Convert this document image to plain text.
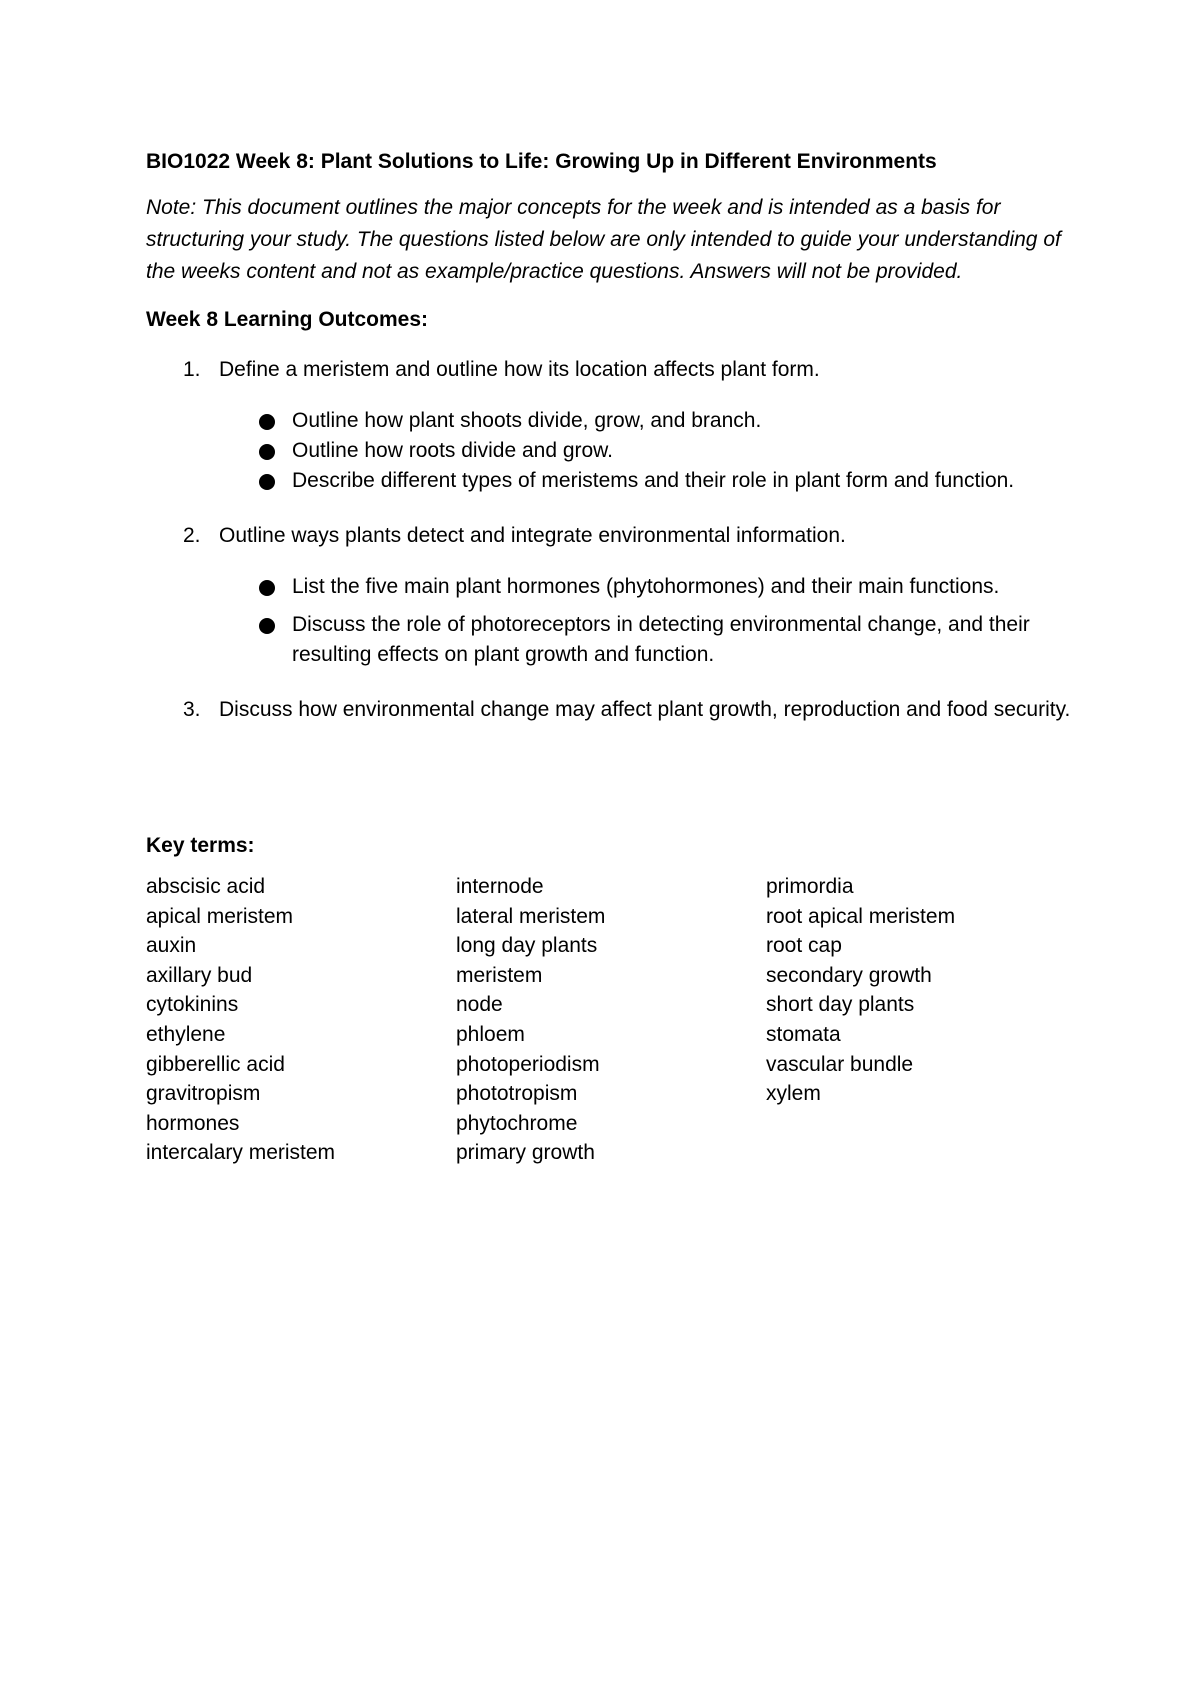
BIO1022 Week 8: Plant Solutions to Life: Growing Up in Different Environments
Note: This document outlines the major concepts for the week and is intended as a basis for structuring your study. The questions listed below are only intended to guide your understanding of the weeks content and not as example/practice questions. Answers will not be provided.
Week 8 Learning Outcomes:
1. Define a meristem and outline how its location affects plant form.
Outline how plant shoots divide, grow, and branch.
Outline how roots divide and grow.
Describe different types of meristems and their role in plant form and function.
2. Outline ways plants detect and integrate environmental information.
List the five main plant hormones (phytohormones) and their main functions.
Discuss the role of photoreceptors in detecting environmental change, and their resulting effects on plant growth and function.
3. Discuss how environmental change may affect plant growth, reproduction and food security.
Key terms:
abscisic acid
apical meristem
auxin
axillary bud
cytokinins
ethylene
gibberellic acid
gravitropism
hormones
intercalary meristem
internode
lateral meristem
long day plants
meristem
node
phloem
photoperiodism
phototropism
phytochrome
primary growth
primordia
root apical meristem
root cap
secondary growth
short day plants
stomata
vascular bundle
xylem
